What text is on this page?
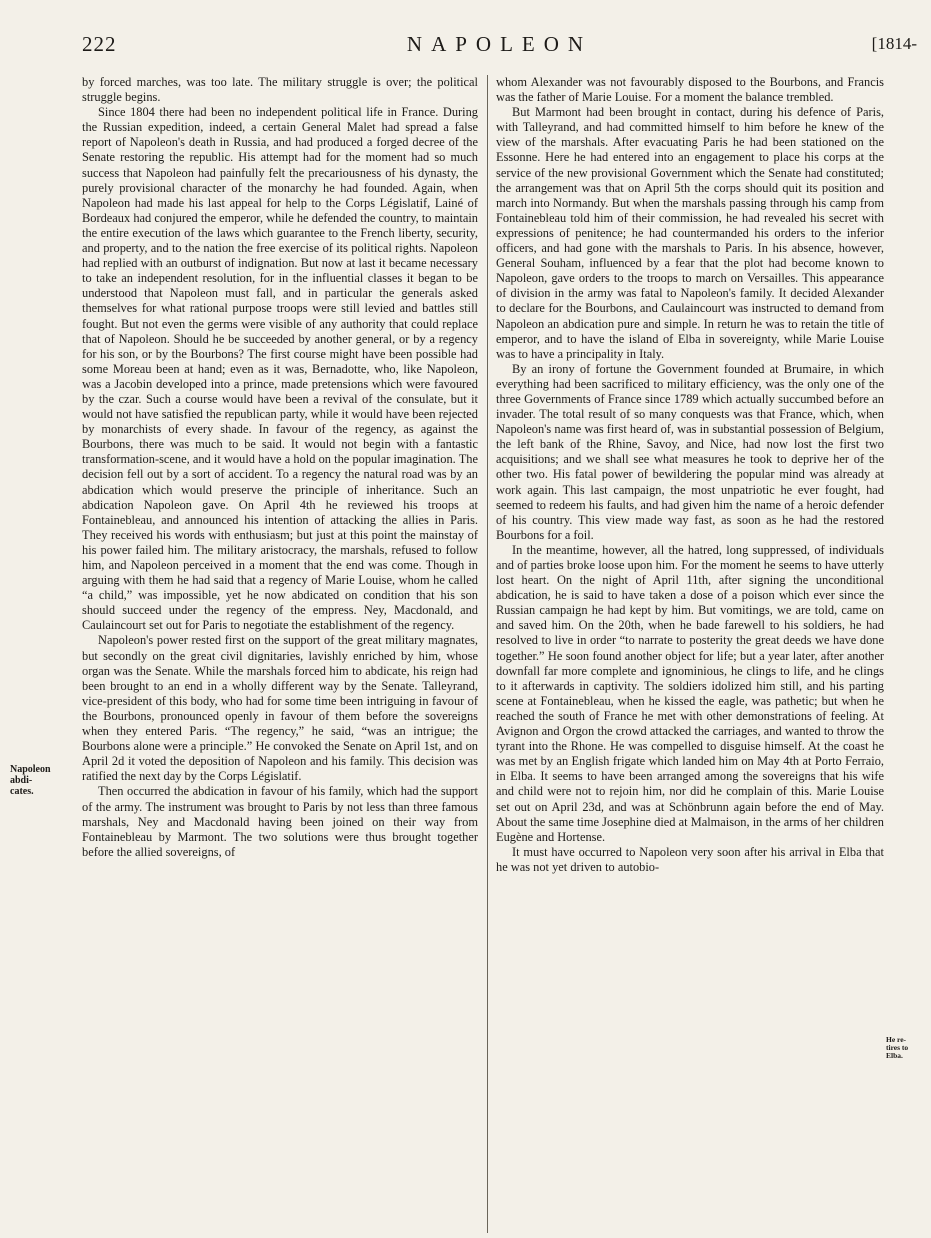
222	NAPOLEON	[1814-
Napoleon
abdi-
cates.

by forced marches, was too late. The military struggle is over; the political struggle begins.

Since 1804 there had been no independent political life in France. During the Russian expedition, indeed, a certain General Malet had spread a false report of Napoleon's death in Russia, and had produced a forged decree of the Senate restoring the republic. His attempt had for the moment had so much success that Napoleon had painfully felt the precariousness of his dynasty, the purely provisional character of the monarchy he had founded. Again, when Napoleon had made his last appeal for help to the Corps Législatif, Lainé of Bordeaux had conjured the emperor, while he defended the country, to maintain the entire execution of the laws which guarantee to the French liberty, security, and property, and to the nation the free exercise of its political rights. Napoleon had replied with an outburst of indignation. But now at last it became necessary to take an independent resolution, for in the influential classes it began to be understood that Napoleon must fall, and in particular the generals asked themselves for what rational purpose troops were still levied and battles still fought. But not even the germs were visible of any authority that could replace that of Napoleon. Should he be succeeded by another general, or by a regency for his son, or by the Bourbons? The first course might have been possible had some Moreau been at hand; even as it was, Bernadotte, who, like Napoleon, was a Jacobin developed into a prince, made pretensions which were favoured by the czar. Such a course would have been a revival of the consulate, but it would not have satisfied the republican party, while it would have been rejected by monarchists of every shade. In favour of the regency, as against the Bourbons, there was much to be said. It would not begin with a fantastic transformation-scene, and it would have a hold on the popular imagination. The decision fell out by a sort of accident. To a regency the natural road was by an abdication which would preserve the principle of inheritance. Such an abdication Napoleon gave. On April 4th he reviewed his troops at Fontainebleau, and announced his intention of attacking the allies in Paris. They received his words with enthusiasm; but just at this point the mainstay of his power failed him. The military aristocracy, the marshals, refused to follow him, and Napoleon perceived in a moment that the end was come. Though in arguing with them he had said that a regency of Marie Louise, whom he called “a child,” was impossible, yet he now abdicated on condition that his son should succeed under the regency of the empress. Ney, Macdonald, and Caulaincourt set out for Paris to negotiate the establishment of the regency.

Napoleon's power rested first on the support of the great military magnates, but secondly on the great civil dignitaries, lavishly enriched by him, whose organ was the Senate. While the marshals forced him to abdicate, his reign had been brought to an end in a wholly different way by the Senate. Talleyrand, vice-president of this body, who had for some time been intriguing in favour of the Bourbons, pronounced openly in favour of them before the sovereigns when they entered Paris. “The regency,” he said, “was an intrigue; the Bourbons alone were a principle.” He convoked the Senate on April 1st, and on April 2d it voted the deposition of Napoleon and his family. This decision was ratified the next day by the Corps Législatif.

Then occurred the abdication in favour of his family, which had the support of the army. The instrument was brought to Paris by not less than three famous marshals, Ney and Macdonald having been joined on their way from Fontainebleau by Marmont. The two solutions were thus brought together before the allied sovereigns, of

whom Alexander was not favourably disposed to the Bourbons, and Francis was the father of Marie Louise. For a moment the balance trembled.

But Marmont had been brought in contact, during his defence of Paris, with Talleyrand, and had committed himself to him before he knew of the view of the marshals. After evacuating Paris he had been stationed on the Essonne. Here he had entered into an engagement to place his corps at the service of the new provisional Government which the Senate had constituted; the arrangement was that on April 5th the corps should quit its position and march into Normandy. But when the marshals passing through his camp from Fontainebleau told him of their commission, he had revealed his secret with expressions of penitence; he had countermanded his orders to the inferior officers, and had gone with the marshals to Paris. In his absence, however, General Souham, influenced by a fear that the plot had become known to Napoleon, gave orders to the troops to march on Versailles. This appearance of division in the army was fatal to Napoleon's family. It decided Alexander to declare for the Bourbons, and Caulaincourt was instructed to demand from Napoleon an abdication pure and simple. In return he was to retain the title of emperor, and to have the island of Elba in sovereignty, while Marie Louise was to have a principality in Italy.

By an irony of fortune the Government founded at Brumaire, in which everything had been sacrificed to military efficiency, was the only one of the three Governments of France since 1789 which actually succumbed before an invader. The total result of so many conquests was that France, which, when Napoleon's name was first heard of, was in substantial possession of Belgium, the left bank of the Rhine, Savoy, and Nice, had now lost the first two acquisitions; and we shall see what measures he took to deprive her of the other two. His fatal power of bewildering the popular mind was already at work again. This last campaign, the most unpatriotic he ever fought, had seemed to redeem his faults, and had given him the name of a heroic defender of his country. This view made way fast, as soon as he had the restored Bourbons for a foil.

In the meantime, however, all the hatred, long suppressed, of individuals and of parties broke loose upon him. For the moment he seems to have utterly lost heart. On the night of April 11th, after signing the unconditional abdication, he is said to have taken a dose of a poison which ever since the Russian campaign he had kept by him. But vomitings, we are told, came on and saved him. On the 20th, when he bade farewell to his soldiers, he had resolved to live in order “to narrate to posterity the great deeds we have done together.” He soon found another object for life; but a year later, after another downfall far more complete and ignominious, he clings to life, and he clings to it afterwards in captivity. The soldiers idolized him still, and his parting scene at Fontainebleau, when he kissed the eagle, was pathetic; but when he reached the south of France he met with other demonstrations of feeling. At Avignon and Orgon the crowd attacked the carriages, and wanted to throw the tyrant into the Rhone. He was compelled to disguise himself. At the coast he was met by an English frigate which landed him on May 4th at Porto Ferraio, in Elba. It seems to have been arranged among the sovereigns that his wife and child were not to rejoin him, nor did he complain of this. Marie Louise set out on April 23d, and was at Schönbrunn again before the end of May. About the same time Josephine died at Malmaison, in the arms of her children Eugène and Hortense.

It must have occurred to Napoleon very soon after his arrival in Elba that he was not yet driven to autobio-

He re-
tires to
Elba.
